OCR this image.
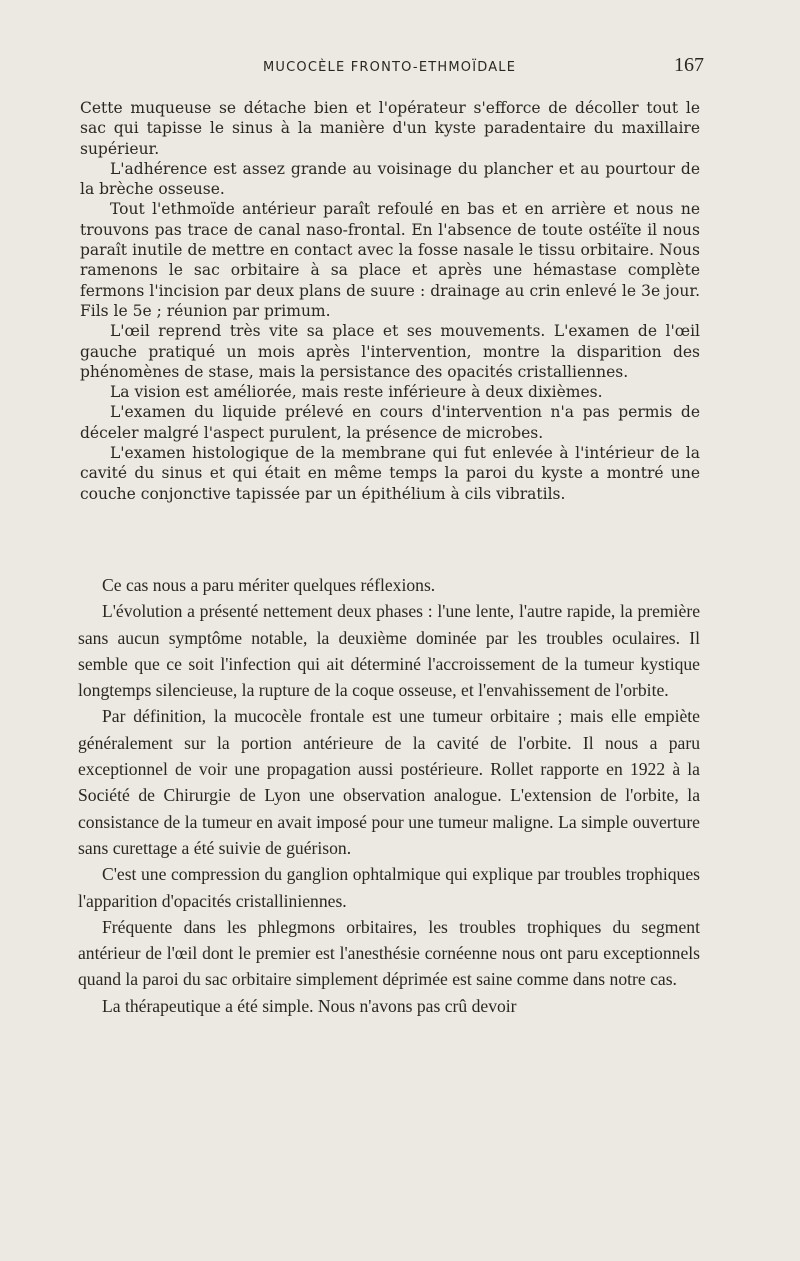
MUCOCÈLE FRONTO-ETHMOÏDALE	167

Cette muqueuse se détache bien et l'opérateur s'efforce de décoller tout le sac qui tapisse le sinus à la manière d'un kyste paradentaire du maxillaire supérieur.

L'adhérence est assez grande au voisinage du plancher et au pourtour de la brèche osseuse.

Tout l'ethmoïde antérieur paraît refoulé en bas et en arrière et nous ne trouvons pas trace de canal naso-frontal. En l'absence de toute ostéïte il nous paraît inutile de mettre en contact avec la fosse nasale le tissu orbitaire. Nous ramenons le sac orbitaire à sa place et après une hémastase complète fermons l'incision par deux plans de suure : drainage au crin enlevé le 3e jour. Fils le 5e ; réunion par primum.

L'œil reprend très vite sa place et ses mouvements. L'examen de l'œil gauche pratiqué un mois après l'intervention, montre la disparition des phénomènes de stase, mais la persistance des opacités cristalliennes.

La vision est améliorée, mais reste inférieure à deux dixièmes.

L'examen du liquide prélevé en cours d'intervention n'a pas permis de déceler malgré l'aspect purulent, la présence de microbes.

L'examen histologique de la membrane qui fut enlevée à l'intérieur de la cavité du sinus et qui était en même temps la paroi du kyste a montré une couche conjonctive tapissée par un épithélium à cils vibratils.

Ce cas nous a paru mériter quelques réflexions.

L'évolution a présenté nettement deux phases : l'une lente, l'autre rapide, la première sans aucun symptôme notable, la deuxième dominée par les troubles oculaires. Il semble que ce soit l'infection qui ait déterminé l'accroissement de la tumeur kystique longtemps silencieuse, la rupture de la coque osseuse, et l'envahissement de l'orbite.

Par définition, la mucocèle frontale est une tumeur orbitaire ; mais elle empiète généralement sur la portion antérieure de la cavité de l'orbite. Il nous a paru exceptionnel de voir une propagation aussi postérieure. Rollet rapporte en 1922 à la Société de Chirurgie de Lyon une observation analogue. L'extension de l'orbite, la consistance de la tumeur en avait imposé pour une tumeur maligne. La simple ouverture sans curettage a été suivie de guérison.

C'est une compression du ganglion ophtalmique qui explique par troubles trophiques l'apparition d'opacités cristalliniennes.

Fréquente dans les phlegmons orbitaires, les troubles trophiques du segment antérieur de l'œil dont le premier est l'anesthésie cornéenne nous ont paru exceptionnels quand la paroi du sac orbitaire simplement déprimée est saine comme dans notre cas.

La thérapeutique a été simple. Nous n'avons pas crû devoir
